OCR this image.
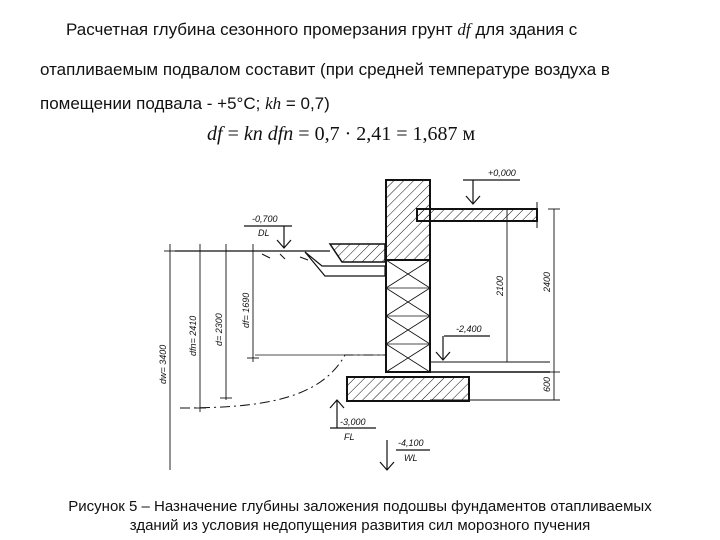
Расчетная глубина сезонного промерзания грунт df для здания с
отапливаемым подвалом составит (при средней температуре воздуха в
помещении подвала - +5°C; kh = 0,7)
df = kn dfn = 0,7 · 2,41 = 1,687 м
+0,000
-0,700
DL
-2,400
-3,000
FL
-4,100
WL
dw= 3400
dfn= 2410 d= 2300
df= 1690
2100	2400
600
Рисунок 5 – Назначение глубины заложения подошвы фундаментов отапливаемых
зданий из условия недопущения развития сил морозного пучения
